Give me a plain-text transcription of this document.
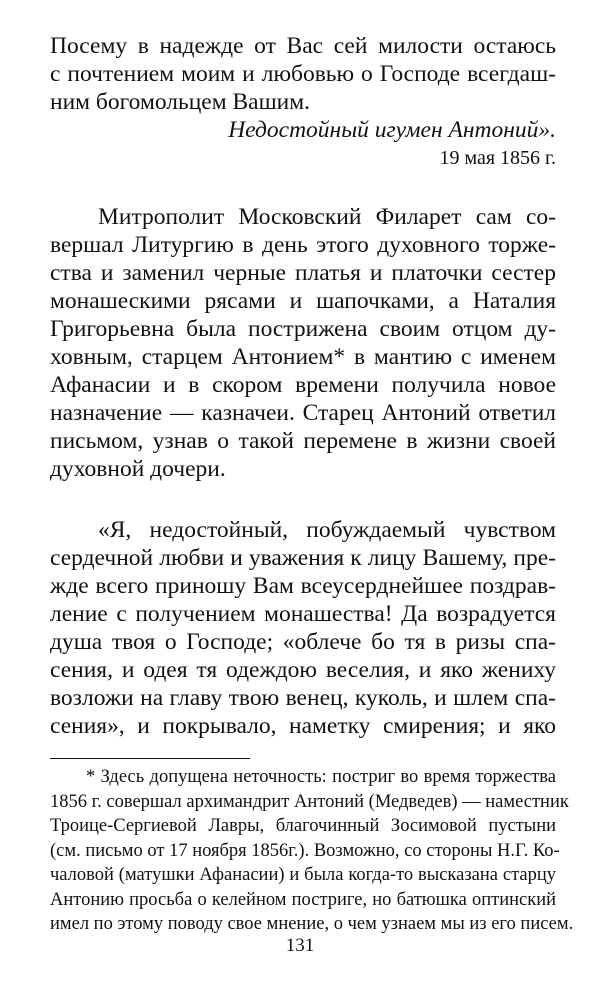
Посему в надежде от Вас сей милости остаюсь
с почтением моим и любовью о Господе всегдаш-
ним богомольцем Вашим.
Недостойный игумен Антоний».
19 мая 1856 г.
Митрополит Московский Филарет сам со-
вершал Литургию в день этого духовного торже-
ства и заменил черные платья и платочки сестер
монашескими рясами и шапочками, а Наталия
Григорьевна была пострижена своим отцом ду-
ховным, старцем Антонием* в мантию с именем
Афанасии и в скором времени получила новое
назначение — казначеи. Старец Антоний ответил
письмом, узнав о такой перемене в жизни своей
духовной дочери.
«Я, недостойный, побуждаемый чувством
сердечной любви и уважения к лицу Вашему, пре-
жде всего приношу Вам всеусерднейшее поздрав-
ление с получением монашества! Да возрадуется
душа твоя о Господе; «облече бо тя в ризы спа-
сения, и одея тя одеждою веселия, и яко жениху
возложи на главу твою венец, куколь, и шлем спа-
сения», и покрывало, наметку смирения; и яко
* Здесь допущена неточность: постриг во время торжества
1856 г. совершал архимандрит Антоний (Медведев) — наместник
Троице-Сергиевой Лавры, благочинный Зосимовой пустыни
(см. письмо от 17 ноября 1856г.). Возможно, со стороны Н.Г. Ко-
чаловой (матушки Афанасии) и была когда-то высказана старцу
Антонию просьба о келейном постриге, но батюшка оптинский
имел по этому поводу свое мнение, о чем узнаем мы из его писем.
131
